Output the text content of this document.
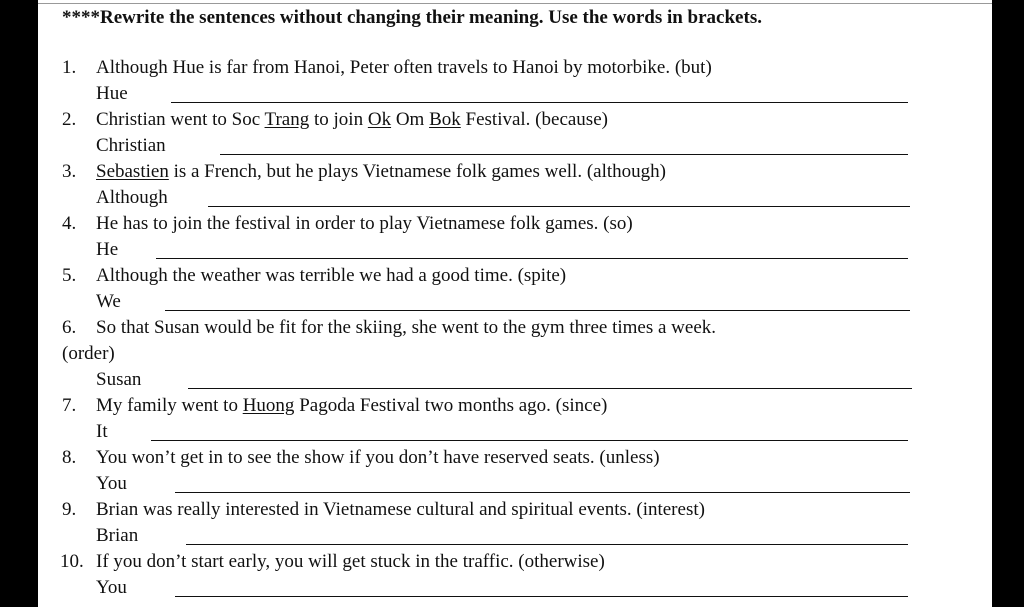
****Rewrite the sentences without changing their meaning. Use the words in brackets.

1. Although Hue is far from Hanoi, Peter often travels to Hanoi by motorbike. (but)
Hue
2. Christian went to Soc Trang to join Ok Om Bok Festival. (because)
Christian
3. Sebastien is a French, but he plays Vietnamese folk games well. (although)
Although
4. He has to join the festival in order to play Vietnamese folk games. (so)
He
5. Although the weather was terrible we had a good time. (spite)
We
6. So that Susan would be fit for the skiing, she went to the gym three times a week.
(order)
Susan
7. My family went to Huong Pagoda Festival two months ago. (since)
It
8. You won’t get in to see the show if you don’t have reserved seats. (unless)
You
9. Brian was really interested in Vietnamese cultural and spiritual events. (interest)
Brian
10. If you don’t start early, you will get stuck in the traffic. (otherwise)
You
